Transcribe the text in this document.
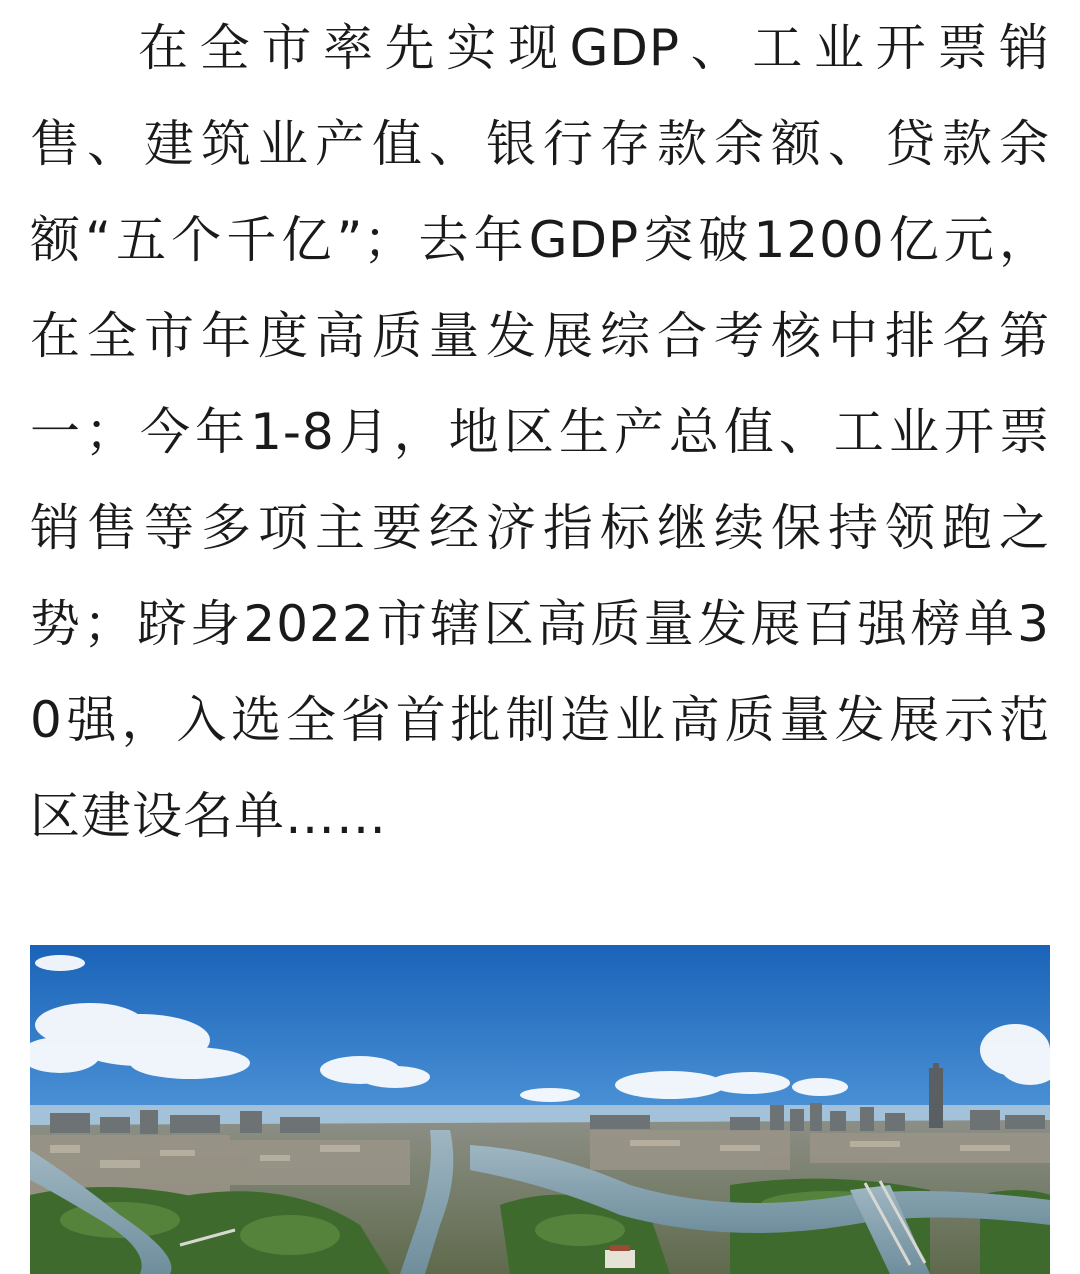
在全市率先实现GDP、工业开票销
售、建筑业产值、银行存款余额、贷款余
额“五个千亿”；去年GDP突破1200亿元，
在全市年度高质量发展综合考核中排名第
一；今年1-8月，地区生产总值、工业开票
销售等多项主要经济指标继续保持领跑之
势；跻身2022市辖区高质量发展百强榜单3
0强，入选全省首批制造业高质量发展示范
区建设名单……
